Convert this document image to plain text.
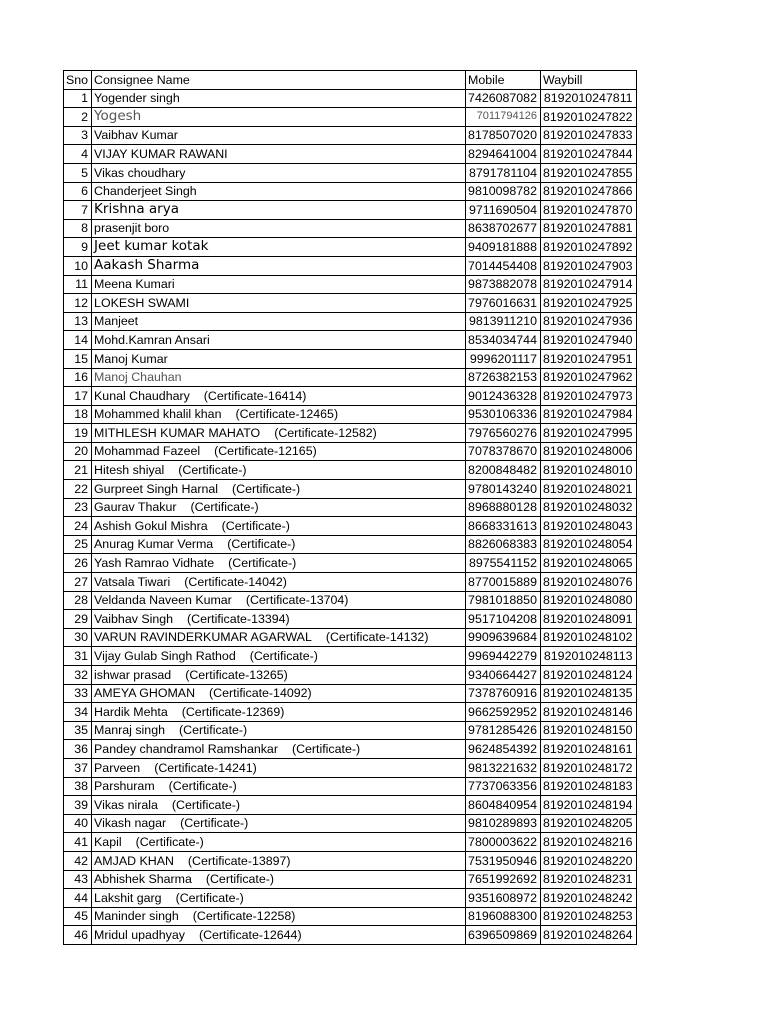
Sno	Consignee Name	Mobile	Waybill
1	Yogender singh	7426087082	8192010247811
2	Yogesh	7011794126	8192010247822
3	Vaibhav Kumar	8178507020	8192010247833
4	VIJAY KUMAR RAWANI	8294641004	8192010247844
5	Vikas choudhary	8791781104	8192010247855
6	Chanderjeet Singh	9810098782	8192010247866
7	Krishna arya	9711690504	8192010247870
8	prasenjit boro	8638702677	8192010247881
9	Jeet kumar kotak	9409181888	8192010247892
10	Aakash Sharma	7014454408	8192010247903
11	Meena Kumari	9873882078	8192010247914
12	LOKESH SWAMI	7976016631	8192010247925
13	Manjeet	9813911210	8192010247936
14	Mohd.Kamran Ansari	8534034744	8192010247940
15	Manoj Kumar	9996201117	8192010247951
16	Manoj Chauhan	8726382153	8192010247962
17	Kunal Chaudhary (Certificate-16414)	9012436328	8192010247973
18	Mohammed khalil khan (Certificate-12465)	9530106336	8192010247984
19	MITHLESH KUMAR MAHATO (Certificate-12582)	7976560276	8192010247995
20	Mohammad Fazeel (Certificate-12165)	7078378670	8192010248006
21	Hitesh shiyal (Certificate-)	8200848482	8192010248010
22	Gurpreet Singh Harnal (Certificate-)	9780143240	8192010248021
23	Gaurav Thakur (Certificate-)	8968880128	8192010248032
24	Ashish Gokul Mishra (Certificate-)	8668331613	8192010248043
25	Anurag Kumar Verma (Certificate-)	8826068383	8192010248054
26	Yash Ramrao Vidhate (Certificate-)	8975541152	8192010248065
27	Vatsala Tiwari (Certificate-14042)	8770015889	8192010248076
28	Veldanda Naveen Kumar (Certificate-13704)	7981018850	8192010248080
29	Vaibhav Singh (Certificate-13394)	9517104208	8192010248091
30	VARUN RAVINDERKUMAR AGARWAL (Certificate-14132)	9909639684	8192010248102
31	Vijay Gulab Singh Rathod (Certificate-)	9969442279	8192010248113
32	ishwar prasad (Certificate-13265)	9340664427	8192010248124
33	AMEYA GHOMAN (Certificate-14092)	7378760916	8192010248135
34	Hardik Mehta (Certificate-12369)	9662592952	8192010248146
35	Manraj singh (Certificate-)	9781285426	8192010248150
36	Pandey chandramol Ramshankar (Certificate-)	9624854392	8192010248161
37	Parveen (Certificate-14241)	9813221632	8192010248172
38	Parshuram (Certificate-)	7737063356	8192010248183
39	Vikas nirala (Certificate-)	8604840954	8192010248194
40	Vikash nagar (Certificate-)	9810289893	8192010248205
41	Kapil (Certificate-)	7800003622	8192010248216
42	AMJAD KHAN (Certificate-13897)	7531950946	8192010248220
43	Abhishek Sharma (Certificate-)	7651992692	8192010248231
44	Lakshit garg (Certificate-)	9351608972	8192010248242
45	Maninder singh (Certificate-12258)	8196088300	8192010248253
46	Mridul upadhyay (Certificate-12644)	6396509869	8192010248264
